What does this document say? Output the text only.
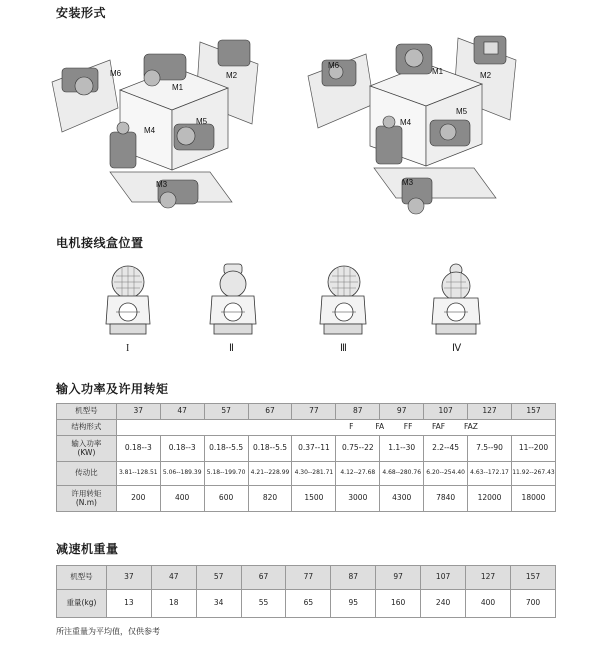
安装形式
M6
M1
M2
M4
M5
M3
M6
M1	M2
M4
M5
M3
电机接线盒位置
I	Ⅱ	Ⅲ	Ⅳ
输入功率及许用转矩
机型号	37	47	57	67	77	87	97	107	127	157
结构形式	F FA FF FAF FAZ									
输入功率
(KW)	0.18--3	0.18--3	0.18--5.5	0.18--5.5	0.37--11	0.75--22	1.1--30	2.2--45	7.5--90	11--200
传动比	3.81--128.51	5.06--189.39	5.18--199.70	4.21--228.99	4.30--281.71	4.12--27.68	4.68--280.76	6.20--254.40	4.63--172.17	11.92--267.43
许用转矩
(N.m)	200	400	600	820	1500	3000	4300	7840	12000	18000
减速机重量
机型号	37	47	57	67	77	87	97	107	127	157
重量(kg)	13	18	34	55	65	95	160	240	400	700
所注重量为平均值，仅供参考
